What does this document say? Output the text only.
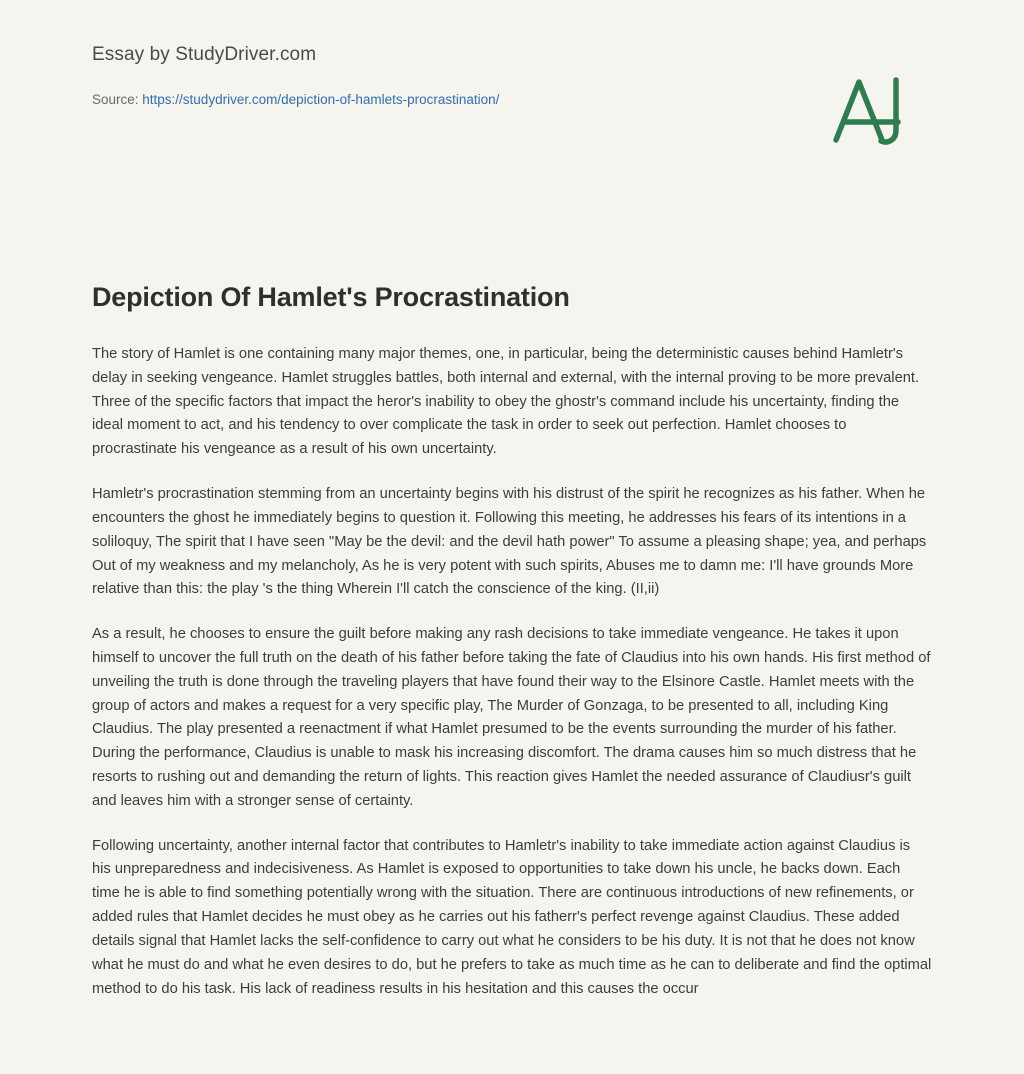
Essay by StudyDriver.com
Source: https://studydriver.com/depiction-of-hamlets-procrastination/
Depiction Of Hamlet's Procrastination

The story of Hamlet is one containing many major themes, one, in particular, being the deterministic causes behind Hamletr's delay in seeking vengeance. Hamlet struggles battles, both internal and external, with the internal proving to be more prevalent. Three of the specific factors that impact the heror's inability to obey the ghostr's command include his uncertainty, finding the ideal moment to act, and his tendency to over complicate the task in order to seek out perfection. Hamlet chooses to procrastinate his vengeance as a result of his own uncertainty.

Hamletr's procrastination stemming from an uncertainty begins with his distrust of the spirit he recognizes as his father. When he encounters the ghost he immediately begins to question it. Following this meeting, he addresses his fears of its intentions in a soliloquy, The spirit that I have seen "May be the devil: and the devil hath power" To assume a pleasing shape; yea, and perhaps Out of my weakness and my melancholy, As he is very potent with such spirits, Abuses me to damn me: I'll have grounds More relative than this: the play 's the thing Wherein I'll catch the conscience of the king. (II,ii)

As a result, he chooses to ensure the guilt before making any rash decisions to take immediate vengeance. He takes it upon himself to uncover the full truth on the death of his father before taking the fate of Claudius into his own hands. His first method of unveiling the truth is done through the traveling players that have found their way to the Elsinore Castle. Hamlet meets with the group of actors and makes a request for a very specific play, The Murder of Gonzaga, to be presented to all, including King Claudius. The play presented a reenactment if what Hamlet presumed to be the events surrounding the murder of his father. During the performance, Claudius is unable to mask his increasing discomfort. The drama causes him so much distress that he resorts to rushing out and demanding the return of lights. This reaction gives Hamlet the needed assurance of Claudiusr's guilt and leaves him with a stronger sense of certainty.

Following uncertainty, another internal factor that contributes to Hamletr's inability to take immediate action against Claudius is his unpreparedness and indecisiveness. As Hamlet is exposed to opportunities to take down his uncle, he backs down. Each time he is able to find something potentially wrong with the situation. There are continuous introductions of new refinements, or added rules that Hamlet decides he must obey as he carries out his fatherr's perfect revenge against Claudius. These added details signal that Hamlet lacks the self-confidence to carry out what he considers to be his duty. It is not that he does not know what he must do and what he even desires to do, but he prefers to take as much time as he can to deliberate and find the optimal method to do his task. His lack of readiness results in his hesitation and this causes the occur
